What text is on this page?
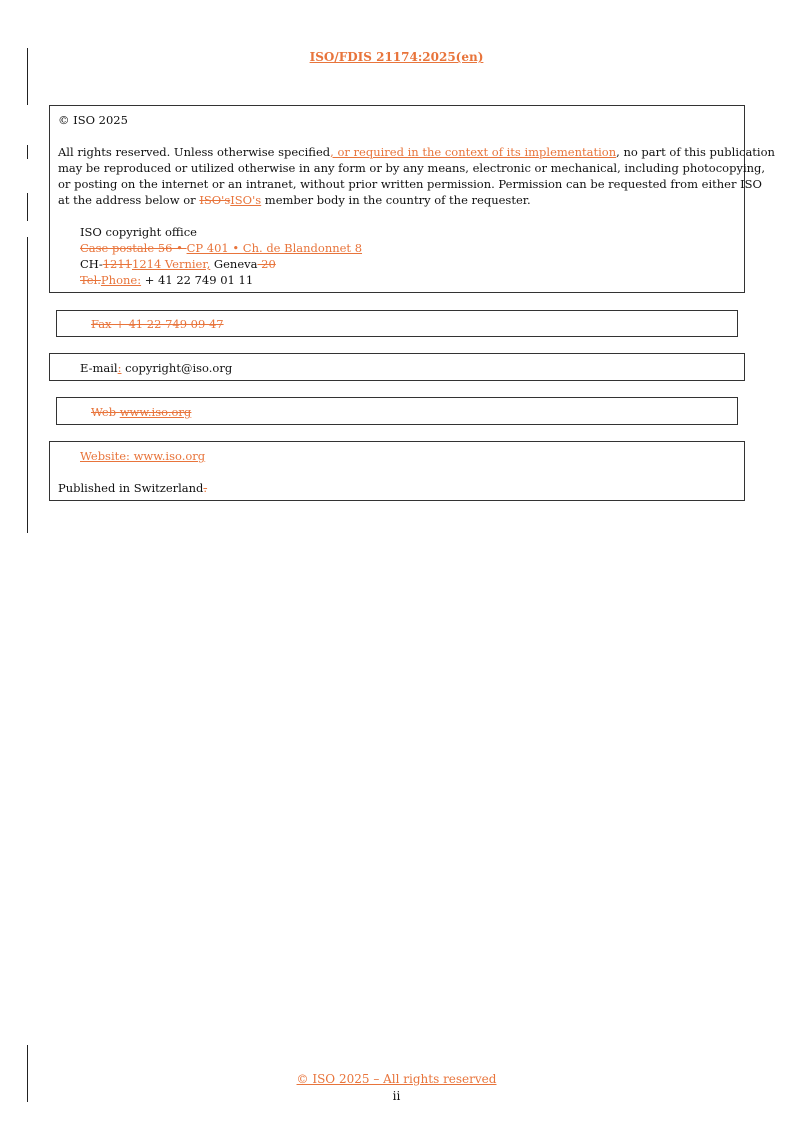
ISO/FDIS 21174:2025(en)
© ISO 2025
All rights reserved. Unless otherwise specified, or required in the context of its implementation, no part of this publication
may be reproduced or utilized otherwise in any form or by any means, electronic or mechanical, including photocopying,
or posting on the internet or an intranet, without prior written permission. Permission can be requested from either ISO
at the address below or ISO'sISO's member body in the country of the requester.
ISO copyright office
Case postale 56 • CP 401 • Ch. de Blandonnet 8
CH-12111214 Vernier, Geneva 20
Tel.Phone: + 41 22 749 01 11
Fax + 41 22 749 09 47
E-mail: copyright@iso.org
Web www.iso.org
Website: www.iso.org
Published in Switzerland.
© ISO 2025 – All rights reserved
ii
